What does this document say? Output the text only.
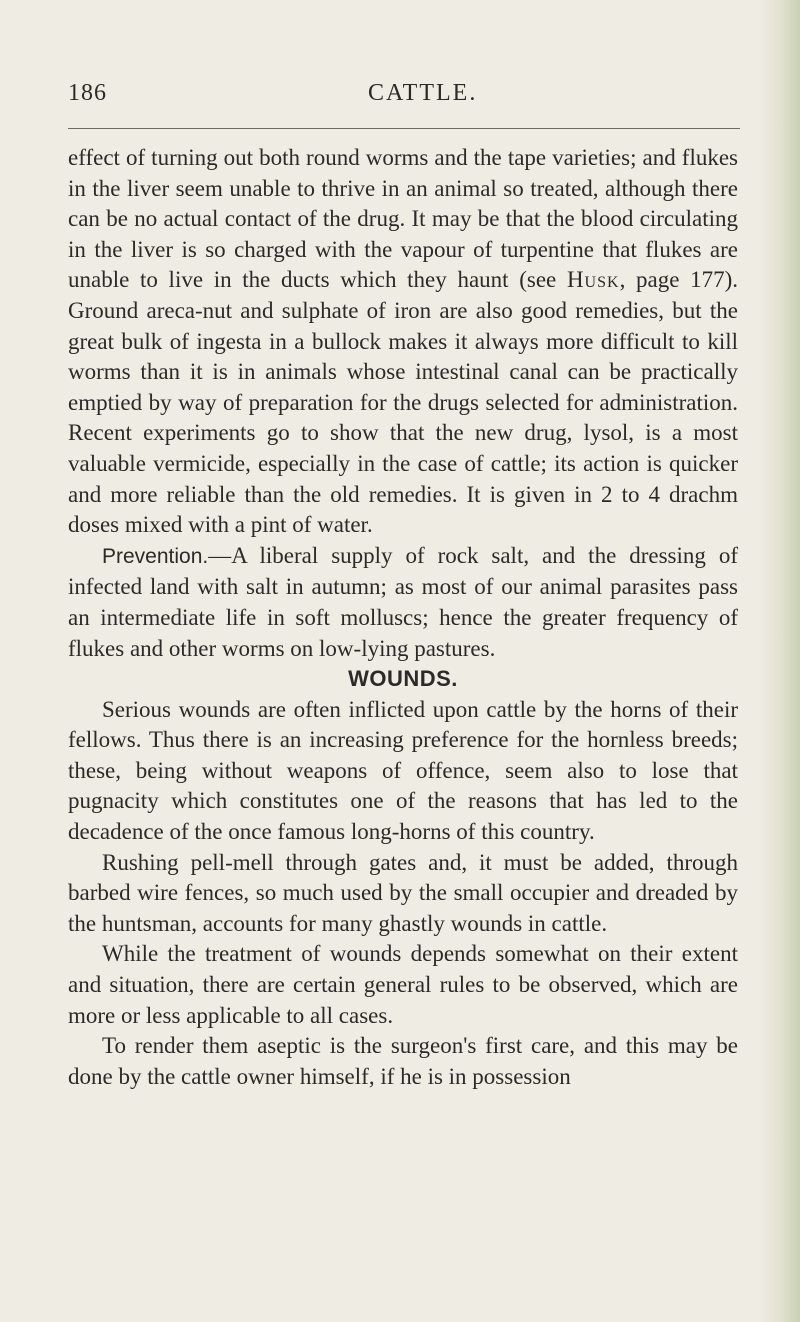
186	CATTLE.

effect of turning out both round worms and the tape varieties; and flukes in the liver seem unable to thrive in an animal so treated, although there can be no actual contact of the drug. It may be that the blood circulating in the liver is so charged with the vapour of turpentine that flukes are unable to live in the ducts which they haunt (see Husk, page 177). Ground areca-nut and sulphate of iron are also good remedies, but the great bulk of ingesta in a bullock makes it always more difficult to kill worms than it is in animals whose intestinal canal can be practically emptied by way of preparation for the drugs selected for administration. Recent experiments go to show that the new drug, lysol, is a most valuable vermicide, especially in the case of cattle; its action is quicker and more reliable than the old remedies. It is given in 2 to 4 drachm doses mixed with a pint of water.

Prevention.—A liberal supply of rock salt, and the dressing of infected land with salt in autumn; as most of our animal parasites pass an intermediate life in soft molluscs; hence the greater frequency of flukes and other worms on low-lying pastures.

WOUNDS.

Serious wounds are often inflicted upon cattle by the horns of their fellows. Thus there is an increasing preference for the hornless breeds; these, being without weapons of offence, seem also to lose that pugnacity which constitutes one of the reasons that has led to the decadence of the once famous long-horns of this country.

Rushing pell-mell through gates and, it must be added, through barbed wire fences, so much used by the small occupier and dreaded by the huntsman, accounts for many ghastly wounds in cattle.

While the treatment of wounds depends somewhat on their extent and situation, there are certain general rules to be observed, which are more or less applicable to all cases.

To render them aseptic is the surgeon's first care, and this may be done by the cattle owner himself, if he is in possession
